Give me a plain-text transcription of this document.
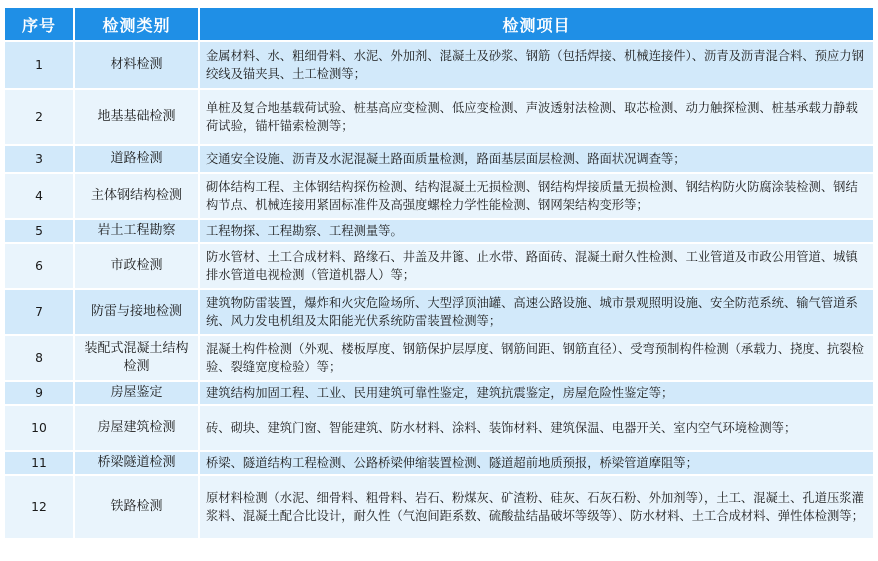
序号	检测类别	检测项目
1	材料检测	金属材料、水、粗细骨料、水泥、外加剂、混凝土及砂浆、钢筋（包括焊接、机械连接件）、沥青及沥青混合料、预应力钢绞线及锚夹具、土工检测等；
2	地基基础检测	单桩及复合地基载荷试验、桩基高应变检测、低应变检测、声波透射法检测、取芯检测、动力触探检测、桩基承载力静载荷试验，锚杆锚索检测等；
3	道路检测	交通安全设施、沥青及水泥混凝土路面质量检测，路面基层面层检测、路面状况调查等；
4	主体钢结构检测	砌体结构工程、主体钢结构探伤检测、结构混凝土无损检测、钢结构焊接质量无损检测、钢结构防火防腐涂装检测、钢结构节点、机械连接用紧固标准件及高强度螺栓力学性能检测、钢网架结构变形等；
5	岩土工程勘察	工程物探、工程勘察、工程测量等。
6	市政检测	防水管材、土工合成材料、路缘石、井盖及井篦、止水带、路面砖、混凝土耐久性检测、工业管道及市政公用管道、城镇排水管道电视检测（管道机器人）等；
7	防雷与接地检测	建筑物防雷装置，爆炸和火灾危险场所、大型浮顶油罐、高速公路设施、城市景观照明设施、安全防范系统、输气管道系统、风力发电机组及太阳能光伏系统防雷装置检测等；
8	装配式混凝土结构检测	混凝土构件检测（外观、楼板厚度、钢筋保护层厚度、钢筋间距、钢筋直径）、受弯预制构件检测（承载力、挠度、抗裂检验、裂缝宽度检验）等；
9	房屋鉴定	建筑结构加固工程、工业、民用建筑可靠性鉴定，建筑抗震鉴定，房屋危险性鉴定等；
10	房屋建筑检测	砖、砌块、建筑门窗、智能建筑、防水材料、涂料、装饰材料、建筑保温、电器开关、室内空气环境检测等；
11	桥梁隧道检测	桥梁、隧道结构工程检测、公路桥梁伸缩装置检测、隧道超前地质预报，桥梁管道摩阻等；
12	铁路检测	原材料检测（水泥、细骨料、粗骨料、岩石、粉煤灰、矿渣粉、硅灰、石灰石粉、外加剂等），土工、混凝土、孔道压浆灌浆料、混凝土配合比设计，耐久性（气泡间距系数、硫酸盐结晶破坏等级等）、防水材料、土工合成材料、弹性体检测等；
